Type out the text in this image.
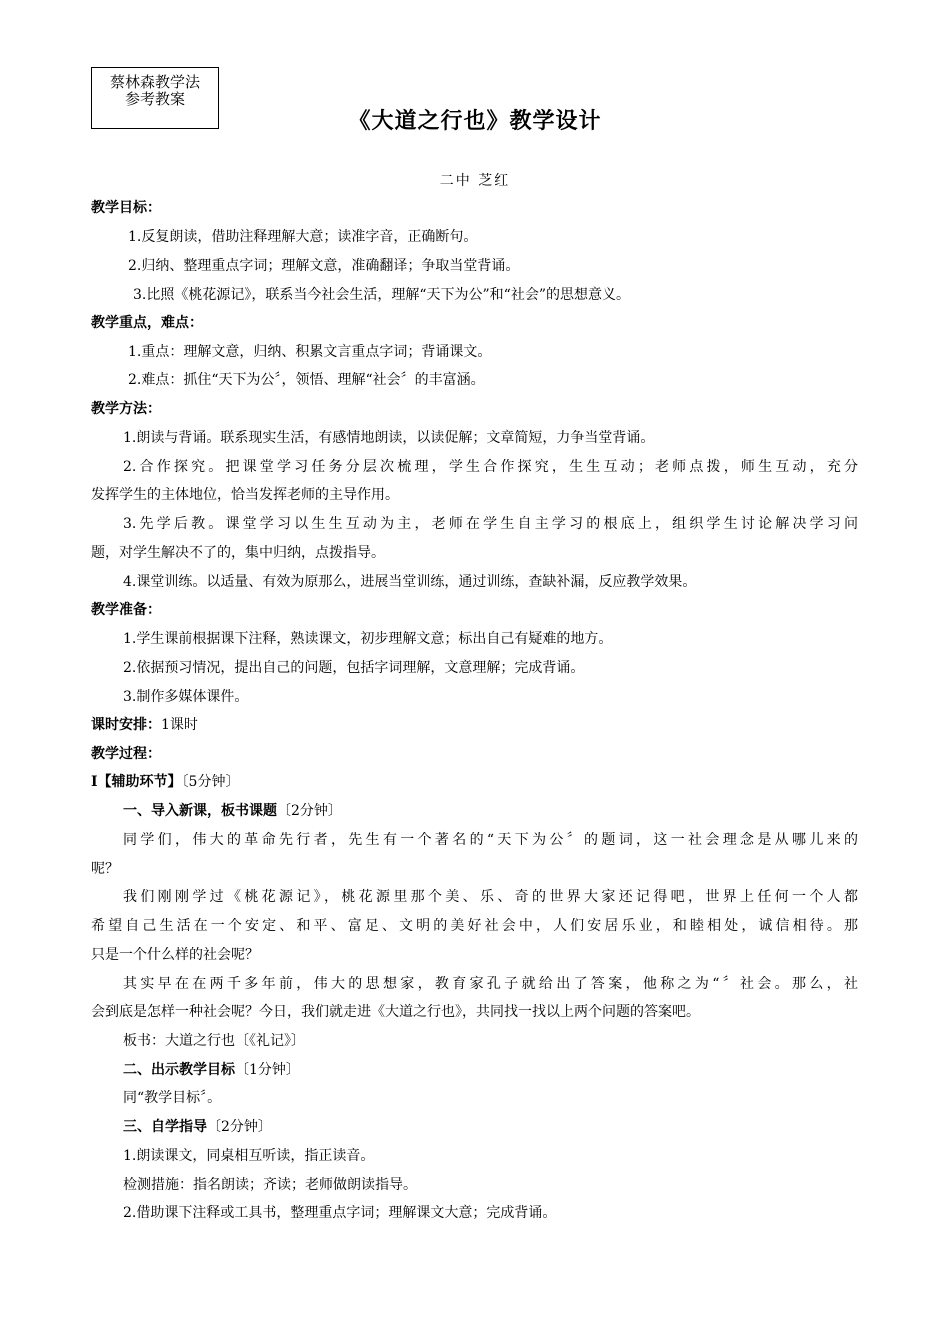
蔡林森教学法
参考教案
《大道之行也》教学设计
二中 芝红
教学目标：
1.反复朗读，借助注释理解大意；读准字音，正确断句。
2.归纳、整理重点字词；理解文意，准确翻译；争取当堂背诵。
3.比照《桃花源记》，联系当今社会生活，理解“天下为公”和“社会”的思想意义。
教学重点，难点：
1.重点：理解文意，归纳、积累文言重点字词；背诵课文。
2.难点：抓住“天下为公〞，领悟、理解“社会〞的丰富涵。
教学方法：
1.朗读与背诵。联系现实生活，有感情地朗读，以读促解；文章简短，力争当堂背诵。
2.合作探究。把课堂学习任务分层次梳理，学生合作探究，生生互动；老师点拨，师生互动，充分
发挥学生的主体地位，恰当发挥老师的主导作用。
3.先学后教。课堂学习以生生互动为主，老师在学生自主学习的根底上，组织学生讨论解决学习问
题，对学生解决不了的，集中归纳，点拨指导。
4.课堂训练。以适量、有效为原那么，进展当堂训练，通过训练，查缺补漏，反应教学效果。
教学准备：
1.学生课前根据课下注释，熟读课文，初步理解文意；标出自己有疑难的地方。
2.依据预习情况，提出自己的问题，包括字词理解，文意理解；完成背诵。
3.制作多媒体课件。
课时安排：1课时
教学过程：
Ⅰ【辅助环节】〔5分钟〕
一、导入新课，板书课题〔2分钟〕
同学们，伟大的革命先行者，先生有一个著名的“天下为公〞的题词，这一社会理念是从哪儿来的
呢？
我们刚刚学过《桃花源记》，桃花源里那个美、乐、奇的世界大家还记得吧，世界上任何一个人都
希望自己生活在一个安定、和平、富足、文明的美好社会中，人们安居乐业，和睦相处，诚信相待。那
只是一个什么样的社会呢？
其实早在在两千多年前，伟大的思想家，教育家孔子就给出了答案，他称之为“〞社会。那么，社
会到底是怎样一种社会呢？今日，我们就走进《大道之行也》，共同找一找以上两个问题的答案吧。
板书：大道之行也〔《礼记》〕
二、出示教学目标〔1分钟〕
同“教学目标〞。
三、自学指导〔2分钟〕
1.朗读课文，同桌相互听读，指正读音。
检测措施：指名朗读；齐读；老师做朗读指导。
2.借助课下注释或工具书，整理重点字词；理解课文大意；完成背诵。
